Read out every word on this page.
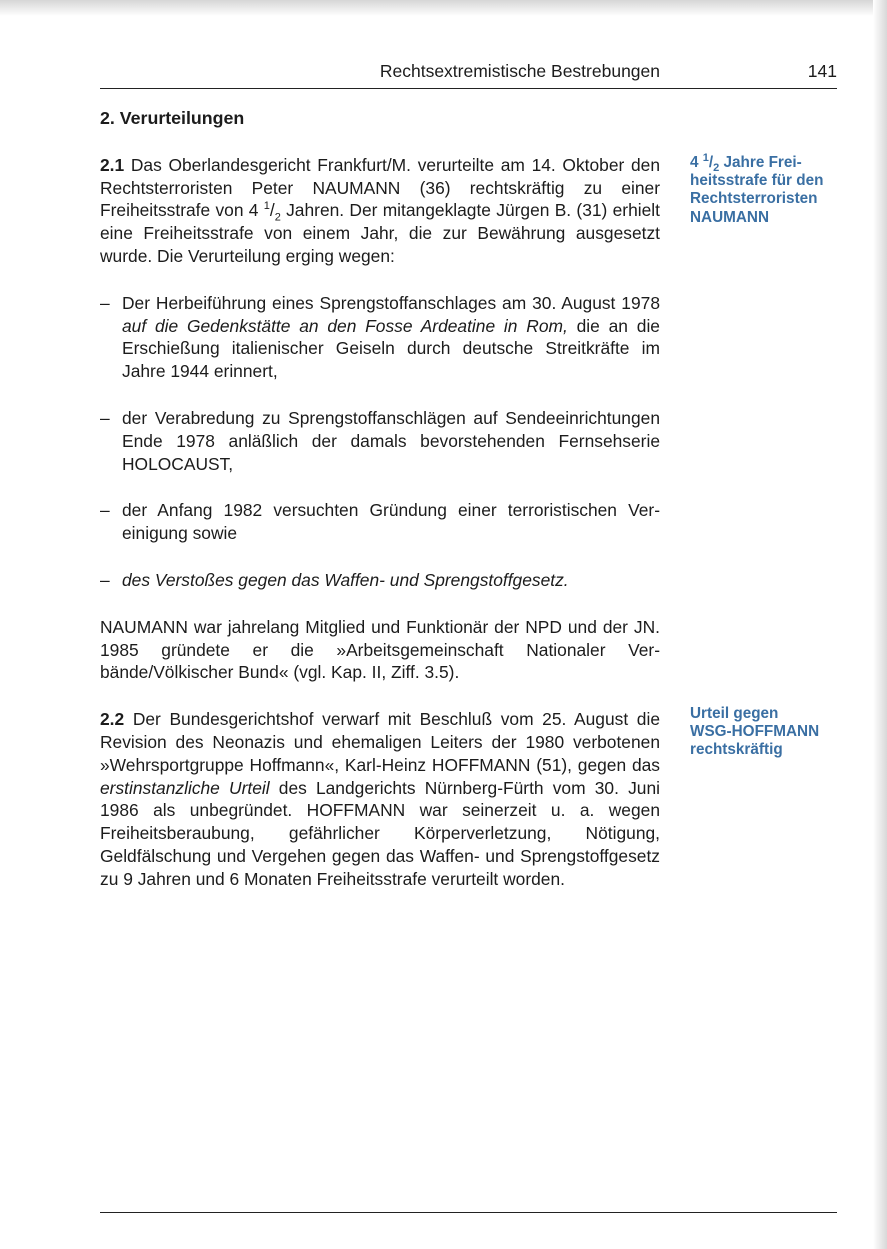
Rechtsextremistische Bestrebungen	141
2. Verurteilungen

2.1 Das Oberlandesgericht Frankfurt/M. verurteilte am 14. Oktober den Rechtsterroristen Peter NAUMANN (36) rechtskräftig zu einer Freiheitsstrafe von 4 $^1/_2$ Jahren. Der mitangeklagte Jürgen B. (31) erhielt eine Freiheitsstrafe von einem Jahr, die zur Bewährung ausgesetzt wurde. Die Verurteilung erging wegen:

– Der Herbeiführung eines Sprengstoffanschlages am 30. August 1978 auf die Gedenkstätte an den Fosse Ardeatine in Rom, die an die Erschießung italienischer Geiseln durch deutsche Streitkräfte im Jahre 1944 erinnert,
– der Verabredung zu Sprengstoffanschlägen auf Sendeeinrichtungen Ende 1978 anläßlich der damals bevorstehenden Fernsehserie HOLOCAUST,
– der Anfang 1982 versuchten Gründung einer terroristischen Vereinigung sowie
– des Verstoßes gegen das Waffen- und Sprengstoffgesetz.

NAUMANN war jahrelang Mitglied und Funktionär der NPD und der JN. 1985 gründete er die »Arbeitsgemeinschaft Nationaler Verbände/Völkischer Bund« (vgl. Kap. II, Ziff. 3.5).

2.2 Der Bundesgerichtshof verwarf mit Beschluß vom 25. August die Revision des Neonazis und ehemaligen Leiters der 1980 verbotenen »Wehrsportgruppe Hoffmann«, Karl-Heinz HOFFMANN (51), gegen das erstinstanzliche Urteil des Landgerichts Nürnberg-Fürth vom 30. Juni 1986 als unbegründet. HOFFMANN war seinerzeit u. a. wegen Freiheitsberaubung, gefährlicher Körperverletzung, Nötigung, Geldfälschung und Vergehen gegen das Waffen- und Sprengstoffgesetz zu 9 Jahren und 6 Monaten Freiheitsstrafe verurteilt worden.

4 $^1/_2$ Jahre Frei-
heitsstrafe für den
Rechtsterroristen
NAUMANN
Urteil gegen
WSG-HOFFMANN
rechtskräftig
